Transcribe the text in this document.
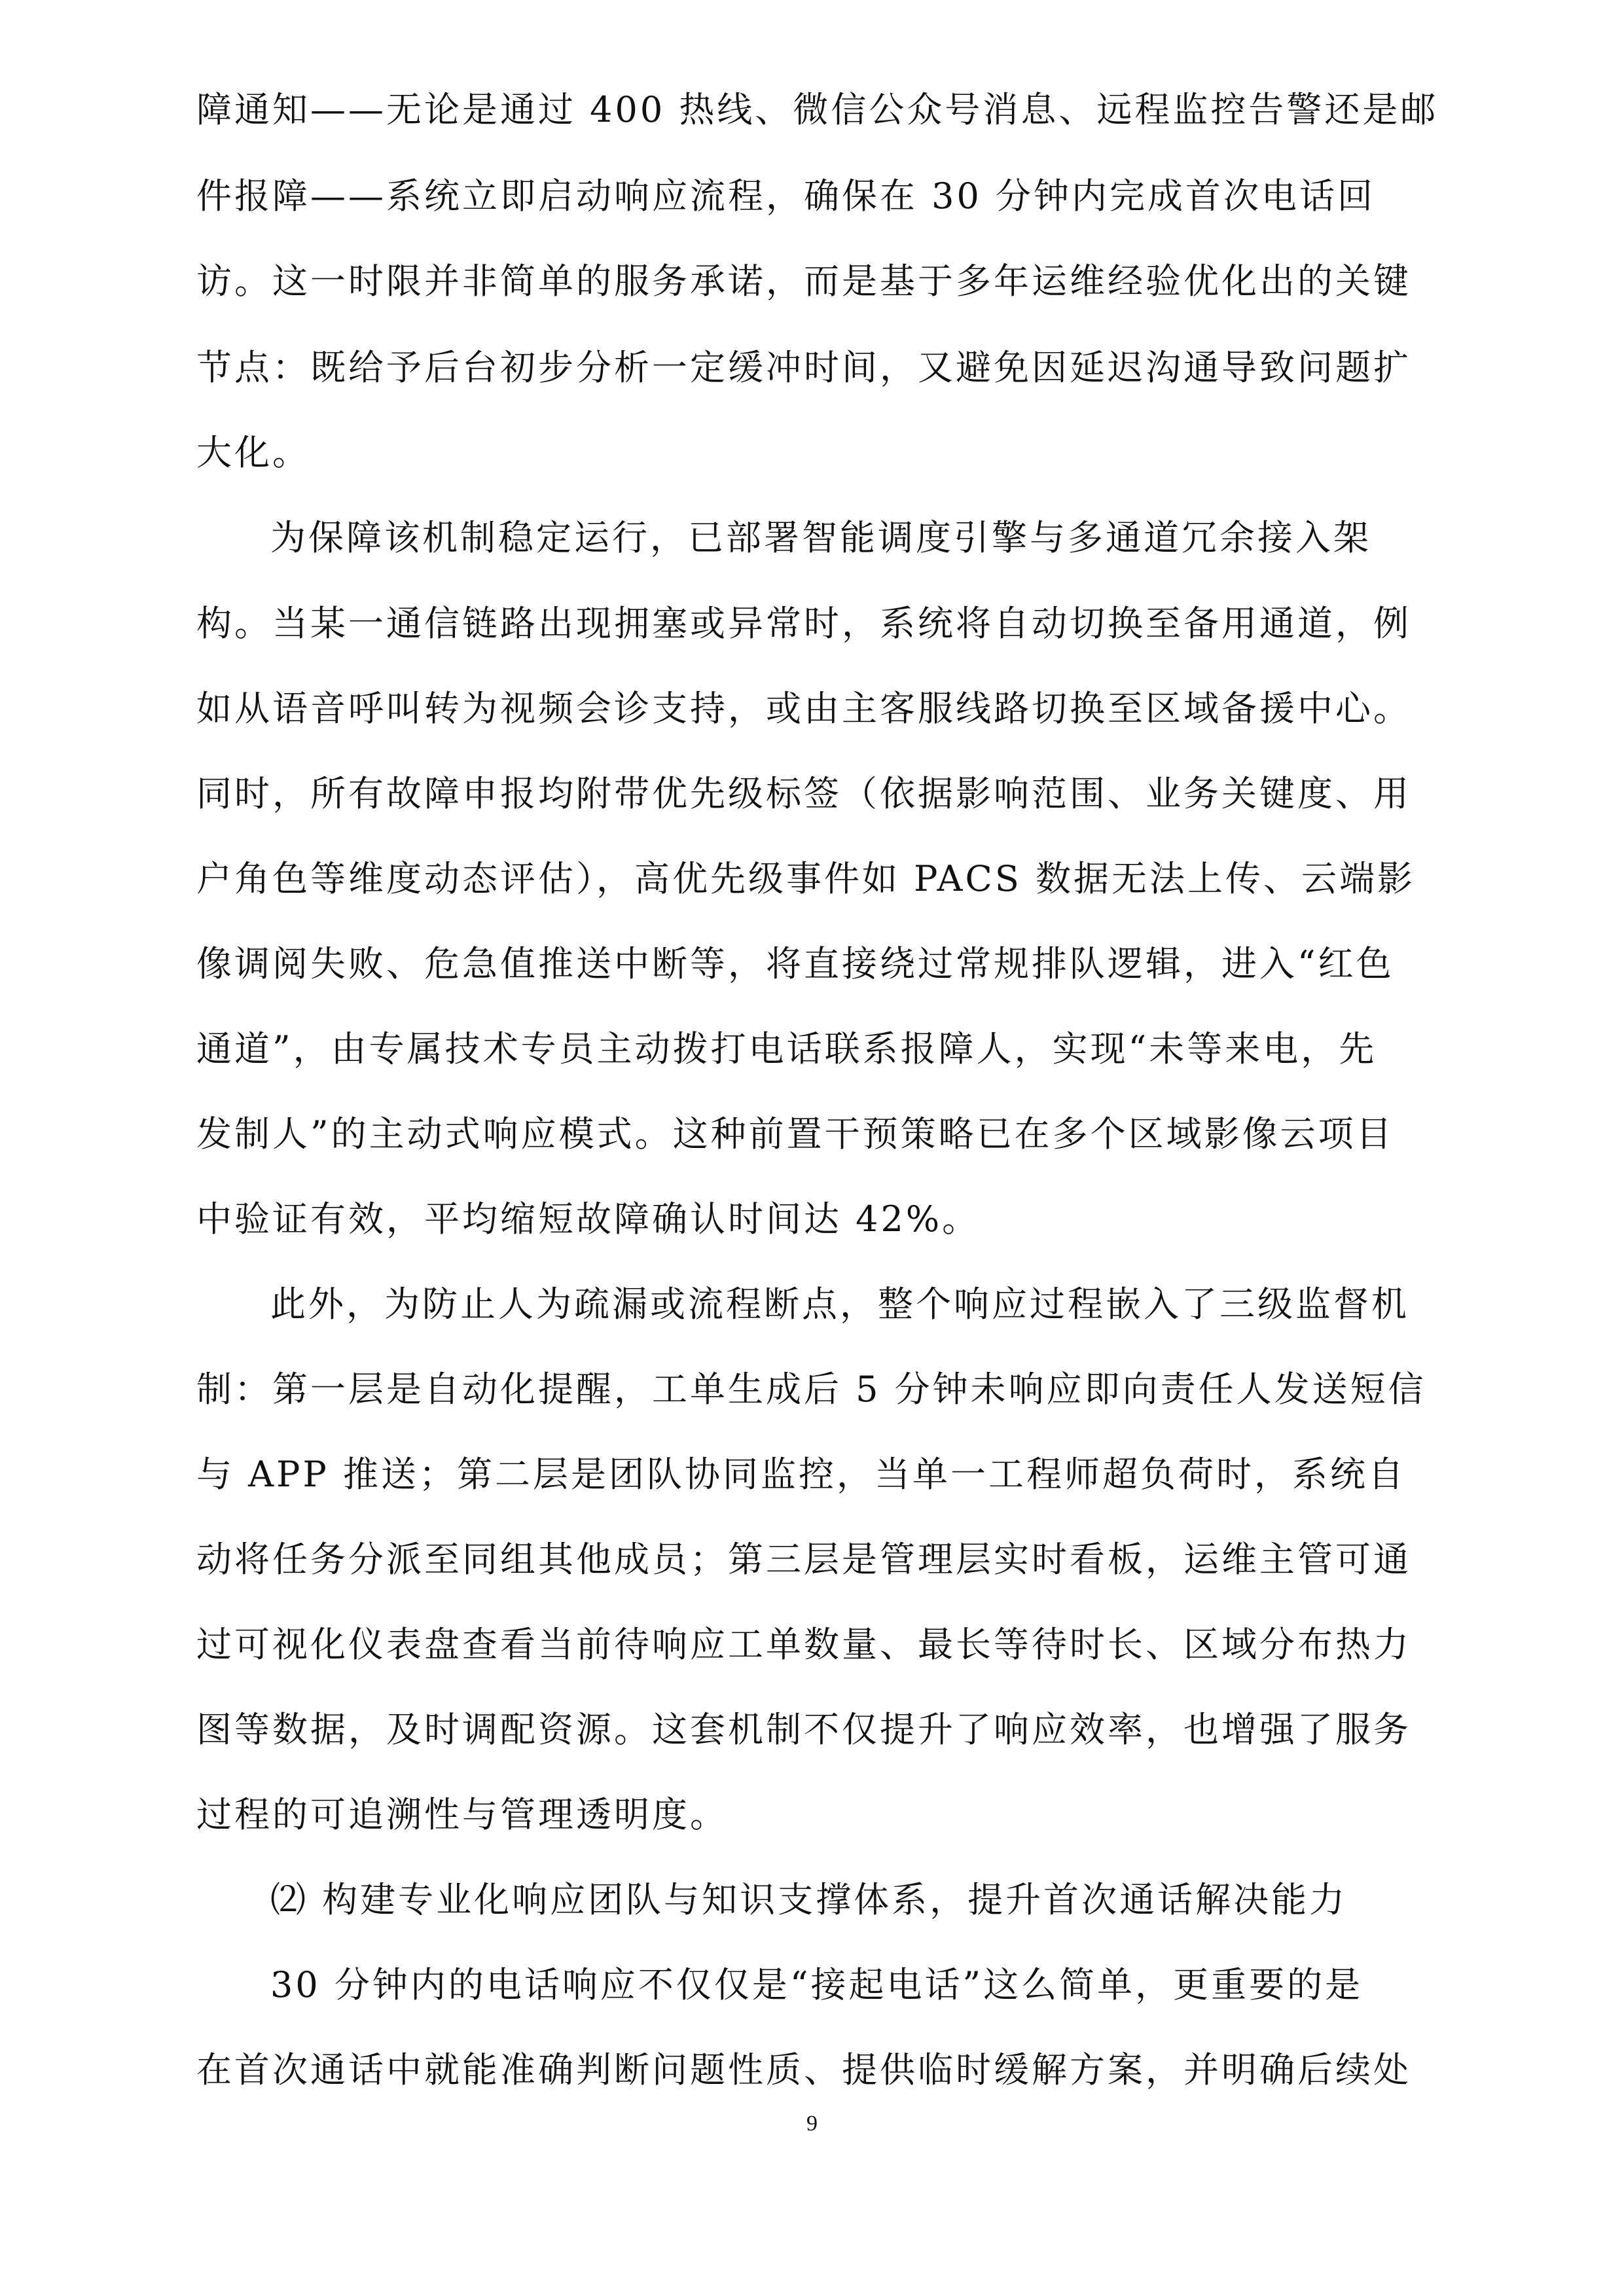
障通知——无论是通过 400 热线、微信公众号消息、远程监控告警还是邮
件报障——系统立即启动响应流程，确保在 30 分钟内完成首次电话回
访。这一时限并非简单的服务承诺，而是基于多年运维经验优化出的关键
节点：既给予后台初步分析一定缓冲时间，又避免因延迟沟通导致问题扩
大化。
为保障该机制稳定运行，已部署智能调度引擎与多通道冗余接入架
构。当某一通信链路出现拥塞或异常时，系统将自动切换至备用通道，例
如从语音呼叫转为视频会诊支持，或由主客服线路切换至区域备援中心。
同时，所有故障申报均附带优先级标签（依据影响范围、业务关键度、用
户角色等维度动态评估），高优先级事件如 PACS 数据无法上传、云端影
像调阅失败、危急值推送中断等，将直接绕过常规排队逻辑，进入“红色
通道”，由专属技术专员主动拨打电话联系报障人，实现“未等来电，先
发制人”的主动式响应模式。这种前置干预策略已在多个区域影像云项目
中验证有效，平均缩短故障确认时间达 42%。
此外，为防止人为疏漏或流程断点，整个响应过程嵌入了三级监督机
制：第一层是自动化提醒，工单生成后 5 分钟未响应即向责任人发送短信
与 APP 推送；第二层是团队协同监控，当单一工程师超负荷时，系统自
动将任务分派至同组其他成员；第三层是管理层实时看板，运维主管可通
过可视化仪表盘查看当前待响应工单数量、最长等待时长、区域分布热力
图等数据，及时调配资源。这套机制不仅提升了响应效率，也增强了服务
过程的可追溯性与管理透明度。
⑵ 构建专业化响应团队与知识支撑体系，提升首次通话解决能力
30 分钟内的电话响应不仅仅是“接起电话”这么简单，更重要的是
在首次通话中就能准确判断问题性质、提供临时缓解方案，并明确后续处
9
